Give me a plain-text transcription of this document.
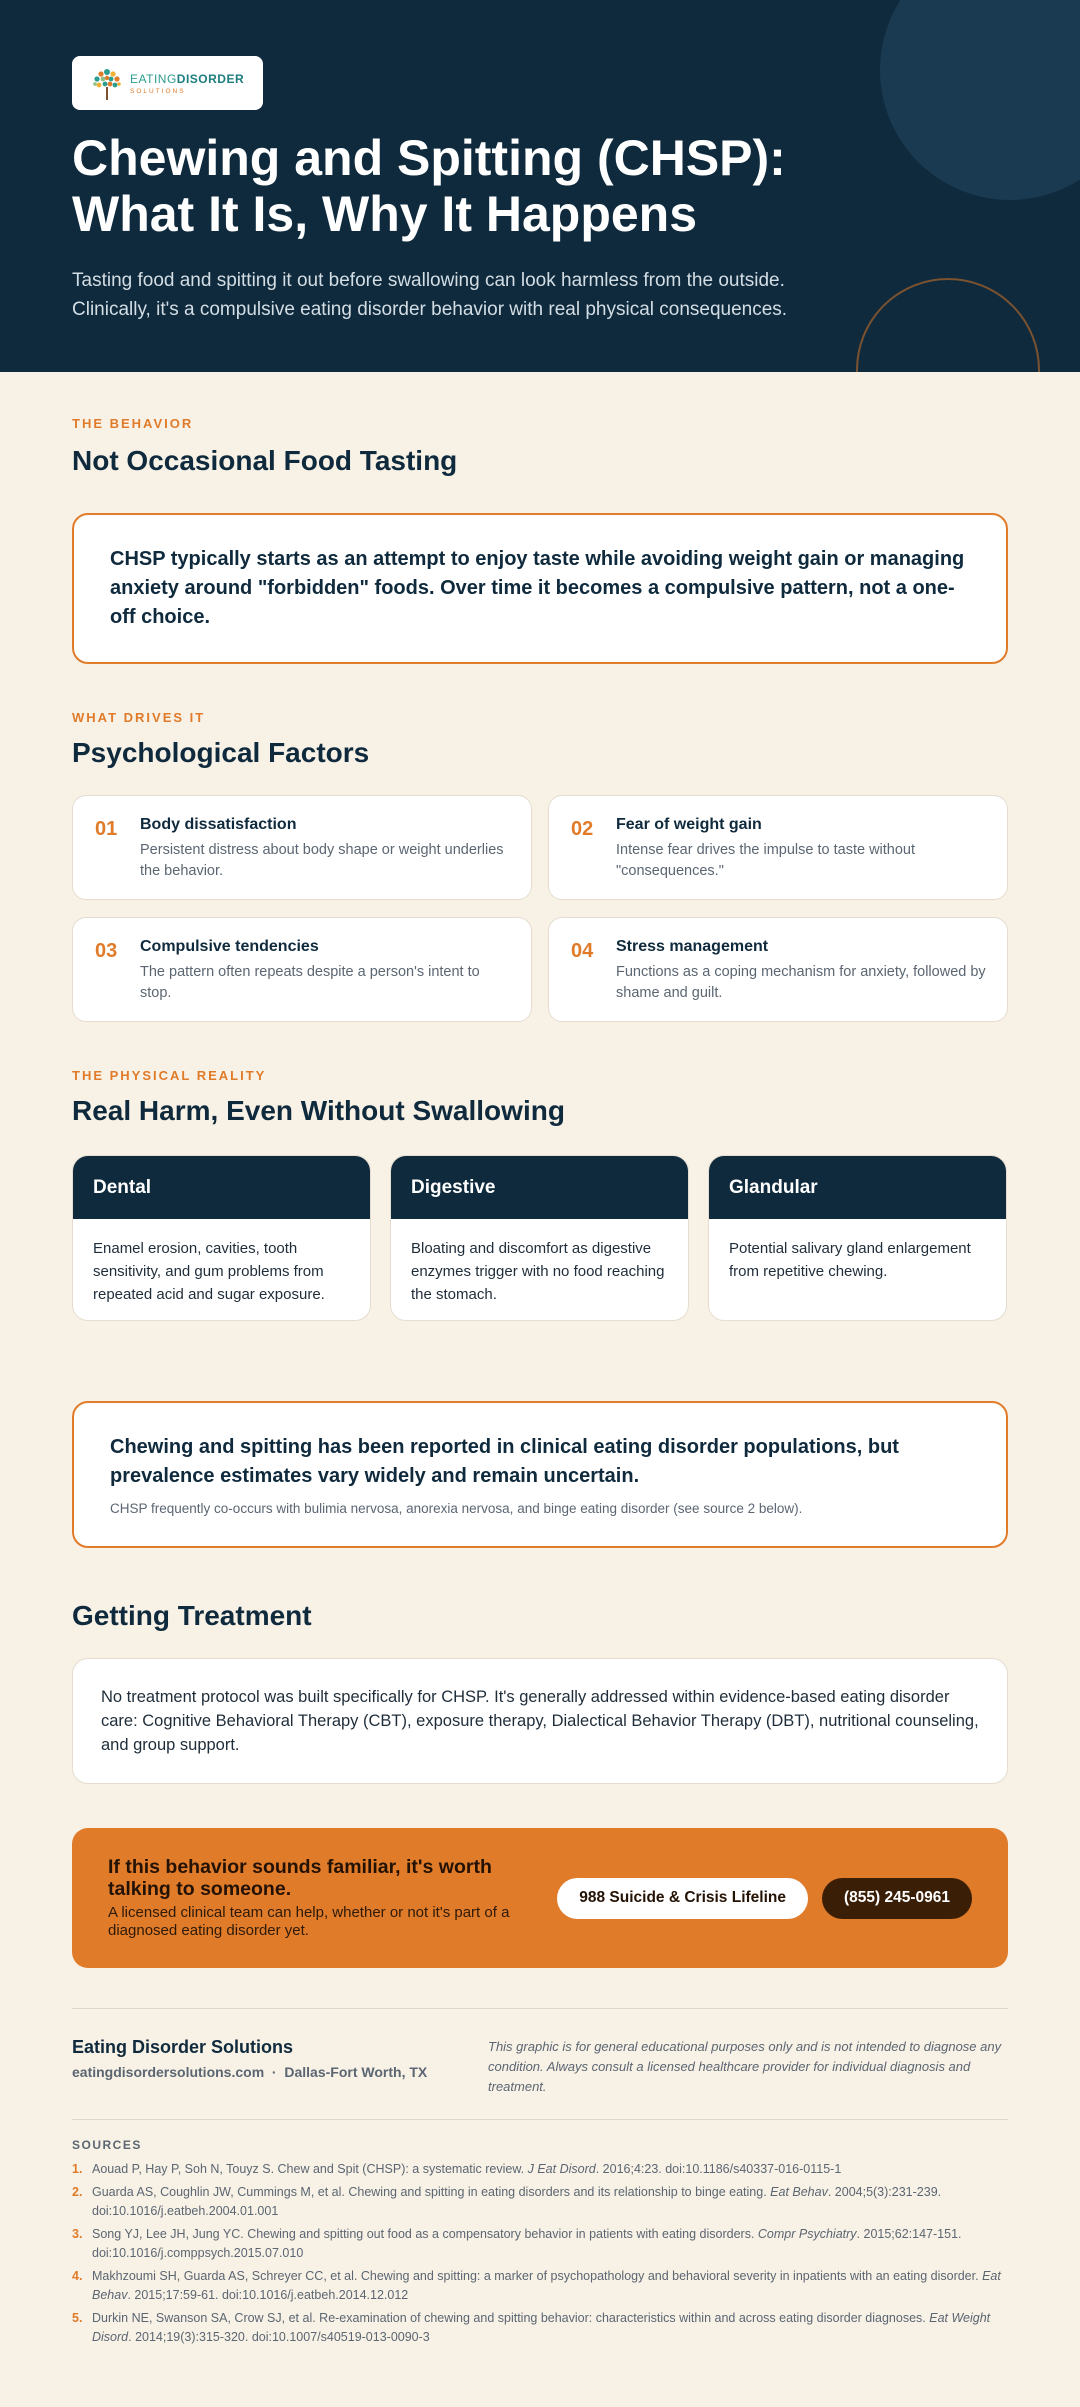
EATINGDISORDER
SOLUTIONS
Chewing and Spitting (CHSP): What It Is, Why It Happens

Tasting food and spitting it out before swallowing can look harmless from the outside. Clinically, it's a compulsive eating disorder behavior with real physical consequences.

THE BEHAVIOR
Not Occasional Food Tasting

CHSP typically starts as an attempt to enjoy taste while avoiding weight gain or managing anxiety around "forbidden" foods. Over time it becomes a compulsive pattern, not a one-off choice.

WHAT DRIVES IT
Psychological Factors
01	Body dissatisfaction
Persistent distress about body shape or weight underlies the behavior.
02	Fear of weight gain
Intense fear drives the impulse to taste without "consequences."
03	Compulsive tendencies
The pattern often repeats despite a person's intent to stop.
04	Stress management
Functions as a coping mechanism for anxiety, followed by shame and guilt.
THE PHYSICAL REALITY
Real Harm, Even Without Swallowing
Dental
Enamel erosion, cavities, tooth sensitivity, and gum problems from repeated acid and sugar exposure.
Digestive
Bloating and discomfort as digestive enzymes trigger with no food reaching the stomach.
Glandular
Potential salivary gland enlargement from repetitive chewing.
Chewing and spitting has been reported in clinical eating disorder populations, but prevalence estimates vary widely and remain uncertain.
CHSP frequently co-occurs with bulimia nervosa, anorexia nervosa, and binge eating disorder (see source 2 below).
Getting Treatment

No treatment protocol was built specifically for CHSP. It's generally addressed within evidence-based eating disorder care: Cognitive Behavioral Therapy (CBT), exposure therapy, Dialectical Behavior Therapy (DBT), nutritional counseling, and group support.

If this behavior sounds familiar, it's worth talking to someone.
A licensed clinical team can help, whether or not it's part of a diagnosed eating disorder yet.
988 Suicide & Crisis Lifeline	(855) 245-0961
Eating Disorder Solutions
eatingdisordersolutions.com · Dallas-Fort Worth, TX
This graphic is for general educational purposes only and is not intended to diagnose any condition. Always consult a licensed healthcare provider for individual diagnosis and treatment.
SOURCES
1. Aouad P, Hay P, Soh N, Touyz S. Chew and Spit (CHSP): a systematic review. J Eat Disord. 2016;4:23. doi:10.1186/s40337-016-0115-1
2. Guarda AS, Coughlin JW, Cummings M, et al. Chewing and spitting in eating disorders and its relationship to binge eating. Eat Behav. 2004;5(3):231-239. doi:10.1016/j.eatbeh.2004.01.001
3. Song YJ, Lee JH, Jung YC. Chewing and spitting out food as a compensatory behavior in patients with eating disorders. Compr Psychiatry. 2015;62:147-151. doi:10.1016/j.comppsych.2015.07.010
4. Makhzoumi SH, Guarda AS, Schreyer CC, et al. Chewing and spitting: a marker of psychopathology and behavioral severity in inpatients with an eating disorder. Eat Behav. 2015;17:59-61. doi:10.1016/j.eatbeh.2014.12.012
5. Durkin NE, Swanson SA, Crow SJ, et al. Re-examination of chewing and spitting behavior: characteristics within and across eating disorder diagnoses. Eat Weight Disord. 2014;19(3):315-320. doi:10.1007/s40519-013-0090-3
